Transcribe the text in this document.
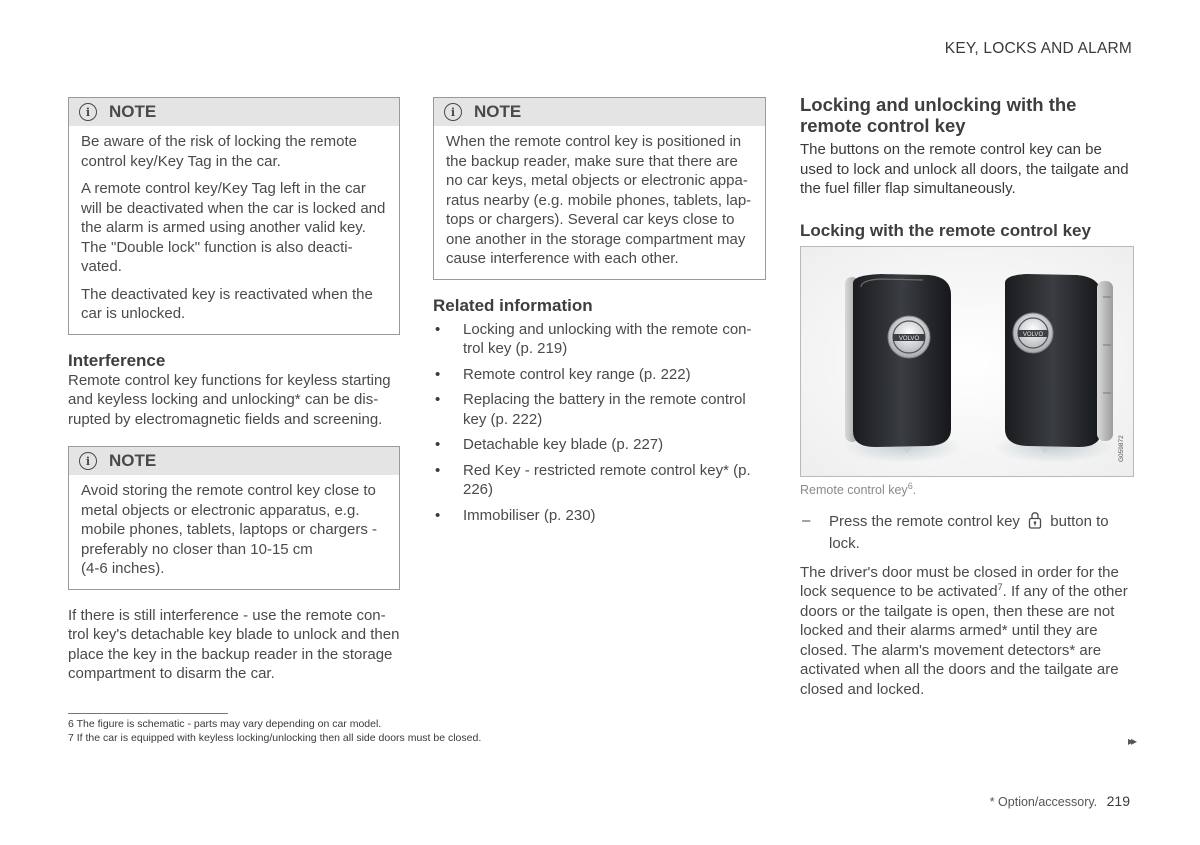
KEY, LOCKS AND ALARM
i	NOTE

Be aware of the risk of locking the remote control key/Key Tag in the car.

A remote control key/Key Tag left in the car will be deactivated when the car is locked and the alarm is armed using another valid key. The "Double lock" function is also deacti-vated.

The deactivated key is reactivated when the car is unlocked.

Interference

Remote control key functions for keyless starting and keyless locking and unlocking* can be dis-rupted by electromagnetic fields and screening.

i	NOTE

Avoid storing the remote control key close to metal objects or electronic apparatus, e.g. mobile phones, tablets, laptops or chargers - preferably no closer than 10-15 cm
(4-6 inches).

If there is still interference - use the remote con-trol key's detachable key blade to unlock and then place the key in the backup reader in the storage compartment to disarm the car.

i	NOTE

When the remote control key is positioned in the backup reader, make sure that there are no car keys, metal objects or electronic appa-ratus nearby (e.g. mobile phones, tablets, lap-tops or chargers). Several car keys close to one another in the storage compartment may cause interference with each other.

Related information
• Locking and unlocking with the remote con-trol key (p. 219)
• Remote control key range (p. 222)
• Replacing the battery in the remote control key (p. 222)
• Detachable key blade (p. 227)
• Red Key - restricted remote control key* (p. 226)
• Immobiliser (p. 230)
Locking and unlocking with the remote control key

The buttons on the remote control key can be used to lock and unlock all doors, the tailgate and the fuel filler flap simultaneously.

Locking with the remote control key
VOLVO
VOLVO
G059872
Remote control key$^6$.
– Press the remote control key button to lock.

The driver's door must be closed in order for the lock sequence to be activated$^7$. If any of the other doors or the tailgate is open, then these are not locked and their alarms armed* until they are closed. The alarm's movement detectors* are activated when all the doors and the tailgate are closed and locked.

6 The figure is schematic - parts may vary depending on car model.
7 If the car is equipped with keyless locking/unlocking then all side doors must be closed.	▸▸
* Option/accessory. 219
